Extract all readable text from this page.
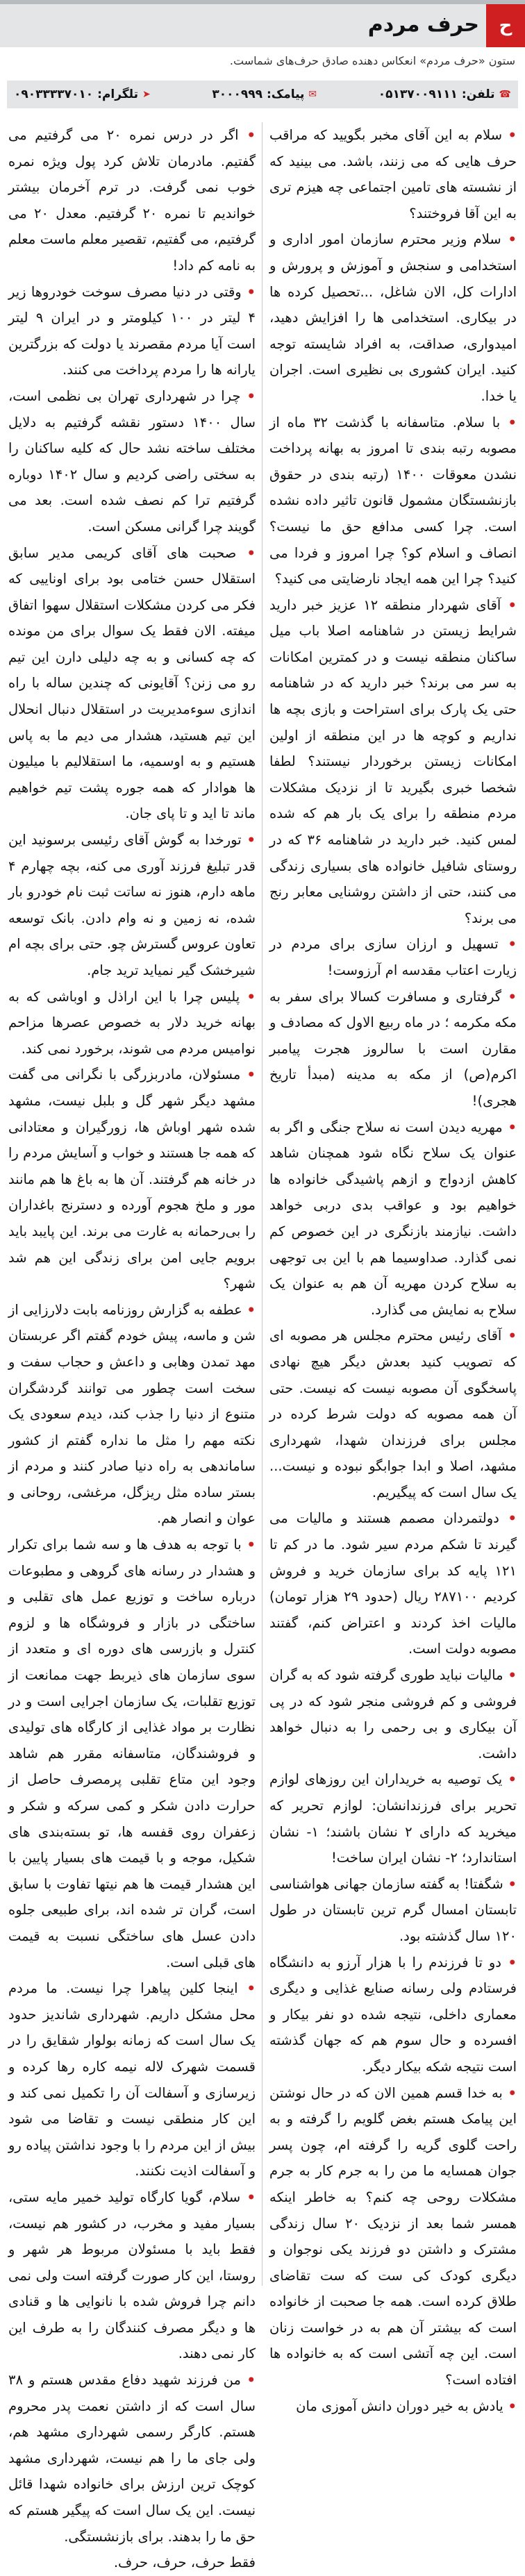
ح
حرف مردم
ستون «حرف مردم» انعکاس دهنده صادق حرف‌های شماست.
☎
تلفن:
۰۵۱۳۷۰۰۹۱۱۱
✉
پیامک:
۳۰۰۰۹۹۹
➤
تلگرام:
۰۹۰۳۳۳۳۷۰۱۰

• سلام به این آقای مخبر بگویید که مراقب حرف هایی که می زنند، باشد. می بینید که از نشسته های تامین اجتماعی چه هیزم تری به این آقا فروختند؟

• سلام وزیر محترم سازمان امور اداری و استخدامی و سنجش و آموزش و پرورش و ادارات کل، الان شاغل، ...تحصیل کرده ها در بیکاری. استخدامی ها را افزایش دهید، امیدواری، صداقت، به افراد شایسته توجه کنید. ایران کشوری بی نظیری است. اجران یا خدا.

• با سلام. متاسفانه با گذشت ۳۲ ماه از مصوبه رتبه بندی تا امروز به بهانه پرداخت نشدن معوقات ۱۴۰۰ (رتبه بندی در حقوق بازنشستگان مشمول قانون تاثیر داده نشده است. چرا کسی مدافع حق ما نیست؟ انصاف و اسلام کو؟ چرا امروز و فردا می کنید؟ چرا این همه ایجاد نارضایتی می کنید؟

• آقای شهردار منطقه ۱۲ عزیز خبر دارید شرایط زیستن در شاهنامه اصلا باب میل ساکنان منطقه نیست و در کمترین امکانات به سر می برند؟ خبر دارید که در شاهنامه حتی یک پارک برای استراحت و بازی بچه ها نداریم و کوچه ها در این منطقه از اولین امکانات زیستن برخوردار نیستند؟ لطفا شخصا خبری بگیرید تا از نزدیک مشکلات مردم منطقه را برای یک بار هم که شده لمس کنید. خبر دارید در شاهنامه ۳۶ که در روستای شافیل خانواده های بسیاری زندگی می کنند، حتی از داشتن روشنایی معابر رنج می برند؟

• تسهیل و ارزان سازی برای مردم در زیارت اعتاب مقدسه ام آرزوست!

• گرفتاری و مسافرت کسالا برای سفر به مکه مکرمه ؛ در ماه ربیع الاول که مصادف و مقارن است با سالروز هجرت پیامبر اکرم(ص) از مکه به مدینه (مبدأ تاریخ هجری)!

• مهریه دیدن است نه سلاح جنگی و اگر به عنوان یک سلاح نگاه شود همچنان شاهد کاهش ازدواج و ازهم پاشیدگی خانواده ها خواهیم بود و عواقب بدی دربی خواهد داشت. نیازمند بازنگری در این خصوص کم نمی گذارد. صداوسیما هم با این بی توجهی به سلاح کردن مهریه آن هم به عنوان یک سلاح به نمایش می گذارد.

• آقای رئیس محترم مجلس هر مصوبه ای که تصویب کنید بعدش دیگر هیچ نهادی پاسخگوی آن مصوبه نیست که نیست. حتی آن همه مصوبه که دولت شرط کرده در مجلس برای فرزندان شهدا، شهرداری مشهد، اصلا و ابدا جوابگو نبوده و نیست... یک سال است که پیگیریم.

• دولتمردان مصمم هستند و مالیات می گیرند تا شکم مردم سیر شود. ما در کم تا ۱۲۱ پایه کد برای سازمان خرید و فروش کردیم ۲۸۷۱۰۰ ریال (حدود ۲۹ هزار تومان) مالیات اخذ کردند و اعتراض کنم، گفتند مصوبه دولت است.

• مالیات نباید طوری گرفته شود که به گران فروشی و کم فروشی منجر شود که در پی آن بیکاری و بی رحمی را به دنبال خواهد داشت.

• یک توصیه به خریداران این روزهای لوازم تحریر برای فرزندانشان: لوازم تحریر که میخرید که دارای ۲ نشان باشند؛ ۱- نشان استاندارد؛ ۲- نشان ایران ساخت!

• شگفتا! به گفته سازمان جهانی هواشناسی تابستان امسال گرم ترین تابستان در طول ۱۲۰ سال گذشته بود.

• دو تا فرزندم را با هزار آرزو به دانشگاه فرستادم ولی رسانه صنایع غذایی و دیگری معماری داخلی، نتیجه شده دو نفر بیکار و افسرده و حال سوم هم که جهان گذشته است نتیجه شکه بیکار دیگر.

• به خدا قسم همین الان که در حال نوشتن این پیامک هستم بغض گلویم را گرفته و به راحت گلوی گریه را گرفته ام، چون پسر جوان همسایه ما من را به جرم کار به جرم مشکلات روحی چه کنم؟ به خاطر اینکه همسر شما بعد از نزدیک ۲۰ سال زندگی مشترک و داشتن دو فرزند یکی نوجوان و دیگری کودک کی ست که ست تقاضای طلاق کرده است. همه جا صحبت از خانواده است که بیشتر آن هم به در خواست زنان است. این چه آتشی است که به خانواده ها افتاده است؟

• یادش به خیر دوران دانش آموزی مان

• اگر در درس نمره ۲۰ می گرفتیم می گفتیم. مادرمان تلاش کرد پول ویژه نمره خوب نمی گرفت. در ترم آخرمان بیشتر خواندیم تا نمره ۲۰ گرفتیم. معدل ۲۰ می گرفتیم، می گفتیم، تقصیر معلم ماست معلم به نامه کم داد!

• وقتی در دنیا مصرف سوخت خودروها زیر ۴ لیتر در ۱۰۰ کیلومتر و در ایران ۹ لیتر است آیا مردم مقصرند یا دولت که بزرگترین یارانه ها را مردم پرداخت می کنند.

• چرا در شهرداری تهران بی نظمی است، سال ۱۴۰۰ دستور نقشه گرفتیم به دلایل مختلف ساخته نشد حال که کلیه ساکنان را به سختی راضی کردیم و سال ۱۴۰۲ دوباره گرفتیم ترا کم نصف شده است. بعد می گویند چرا گرانی مسکن است.

• صحبت های آقای کریمی مدیر سابق استقلال حسن ختامی بود برای اوناییی که فکر می کردن مشکلات استقلال سهوا اتفاق میفته. الان فقط یک سوال برای من مونده که چه کسانی و به چه دلیلی دارن این تیم رو می زنن؟ آقایونی که چندین ساله با راه اندازی سوءمدیریت در استقلال دنبال انحلال این تیم هستید، هشدار می دیم ما به پاس هستیم و به اوسمیه، ما استقلالیم با میلیون ها هوادار که همه جوره پشت تیم خواهیم ماند تا اید و تا پای جان.

• تورخدا به گوش آقای رئیسی برسونید این قدر تبلیغ فرزند آوری می کنه، بچه چهارم ۴ ماهه دارم، هنوز نه ساتت ثبت نام خودرو بار شده، نه زمین و نه وام دادن. بانک توسعه تعاون عروس گسترش چو. حتی برای بچه ام شیرخشک گیر نمیاید ترید جام.

• پلیس چرا با این اراذل و اوباشی که به بهانه خرید دلار به خصوص عصرها مزاحم نوامیس مردم می شوند، برخورد نمی کند.

• مسئولان، مادربزرگی با نگرانی می گفت مشهد دیگر شهر گل و بلبل نیست، مشهد شده شهر اوباش ها، زورگیران و معتادانی که همه جا هستند و خواب و آسایش مردم را در خانه هم گرفتند. آن ها به باغ ها هم مانند مور و ملخ هجوم آورده و دسترنج باغداران را بی‌رحمانه به غارت می برند. این پایبد باید برویم جایی امن برای زندگی این هم شد شهر؟

• عطفه به گزارش روزنامه بابت دلارزایی از شن و ماسه، پیش خودم گفتم اگر عربستان مهد تمدن وهابی و داعش و حجاب سفت و سخت است چطور می توانند گردشگران متنوع از دنیا را جذب کند، دیدم سعودی یک نکته مهم را مثل ما نداره گفتم از کشور ساماندهی به راه دنیا صادر کنند و مردم از بستر ساده مثل ریزگل، مرغشی، روحانی و عوان و انصار هم.

• با توجه به هدف ها و سه شما برای تکرار و هشدار در رسانه های گروهی و مطبوعات درباره ساخت و توزیع عمل های تقلبی و ساختگی در بازار و فروشگاه ها و لزوم کنترل و بازرسی های دوره ای و متعدد از سوی سازمان های ذیربط جهت ممانعت از توزیع تقلبات، یک سازمان اجرایی است و در نظارت بر مواد غذایی از کارگاه های تولیدی و فروشندگان، متاسفانه مقرر هم شاهد وجود این متاع تقلبی پرمصرف حاصل از حرارت دادن شکر و کمی سرکه و شکر و زعفران روی قفسه ها، تو بسته‌بندی های شکیل، موجه و با قیمت های بسیار پایین با این هشدار قیمت ها هم نیتها تفاوت با سابق است، گران تر شده اند، برای طبیعی جلوه دادن عسل های ساختگی نسبت به قیمت های قبلی است.

• اینجا کلین پیاهرا چرا نیست. ما مردم محل مشکل داریم. شهرداری شاندیز حدود یک سال است که زمانه بولوار شقایق را در قسمت شهرک لاله نیمه کاره رها کرده و زیرسازی و آسفالت آن را تکمیل نمی کند و این کار منطقی نیست و تقاضا می شود بیش از این مردم را با وجود نداشتن پیاده رو و آسفالت اذیت نکنند.

• سلام، گویا کارگاه تولید خمیر مایه ستی، بسیار مفید و مخرب، در کشور هم نیست، فقط باید با مسئولان مربوط هر شهر و روستا، این کار صورت گرفته است ولی نمی دانم چرا فروش شده با نانوایی ها و قنادی ها و دیگر مصرف کنندگان را به طرف این کار نمی دهند.

• من فرزند شهید دفاع مقدس هستم و ۳۸ سال است که از داشتن نعمت پدر محروم هستم. کارگر رسمی شهرداری مشهد هم، ولی جای ما را هم نیست، شهرداری مشهد کوچک ترین ارزش برای خانواده شهدا قائل نیست. این یک سال است که پیگیر هستم که حق ما را بدهند. برای بازنشستگی.

فقط حرف، حرف، حرف.
